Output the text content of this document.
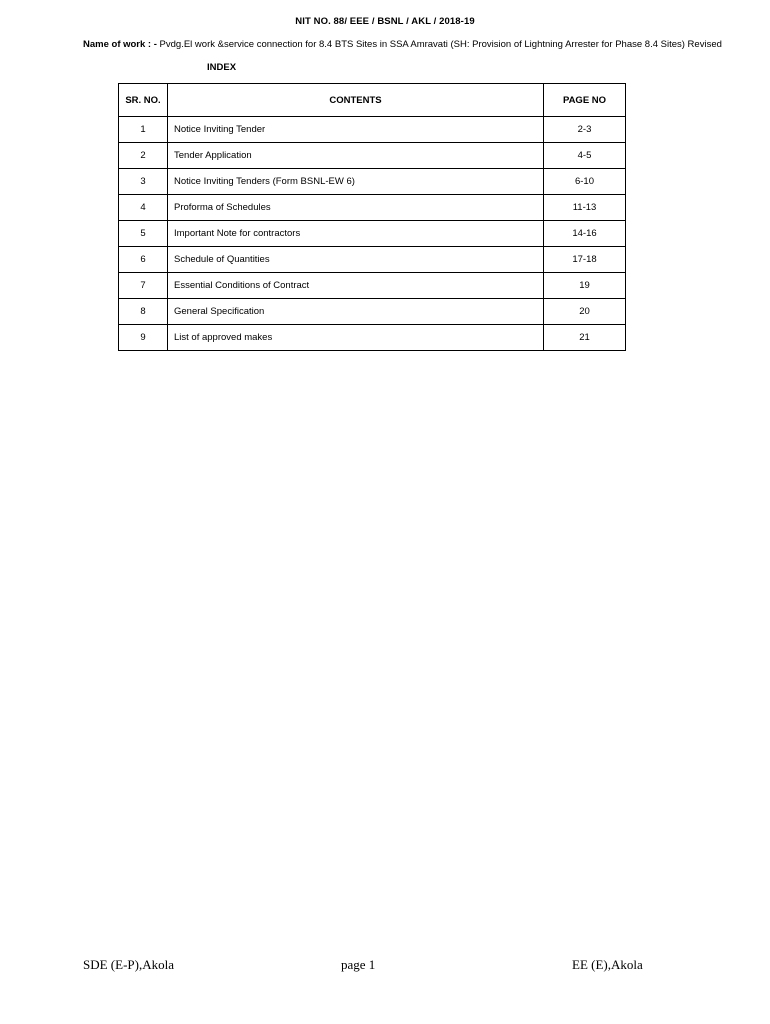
NIT NO. 88/ EEE / BSNL / AKL / 2018-19
Name of work : - Pvdg.El work &service connection for 8.4 BTS Sites in SSA Amravati (SH: Provision of Lightning Arrester for Phase 8.4 Sites) Revised
INDEX
SR. NO.	CONTENTS	PAGE NO
1	Notice Inviting Tender	2-3
2	Tender Application	4-5
3	Notice Inviting Tenders (Form BSNL-EW 6)	6-10
4	Proforma of Schedules	11-13
5	Important Note for contractors	14-16
6	Schedule of Quantities	17-18
7	Essential Conditions of Contract	19
8	General Specification	20
9	List of approved makes	21
SDE (E-P),Akola	page 1	EE (E),Akola
